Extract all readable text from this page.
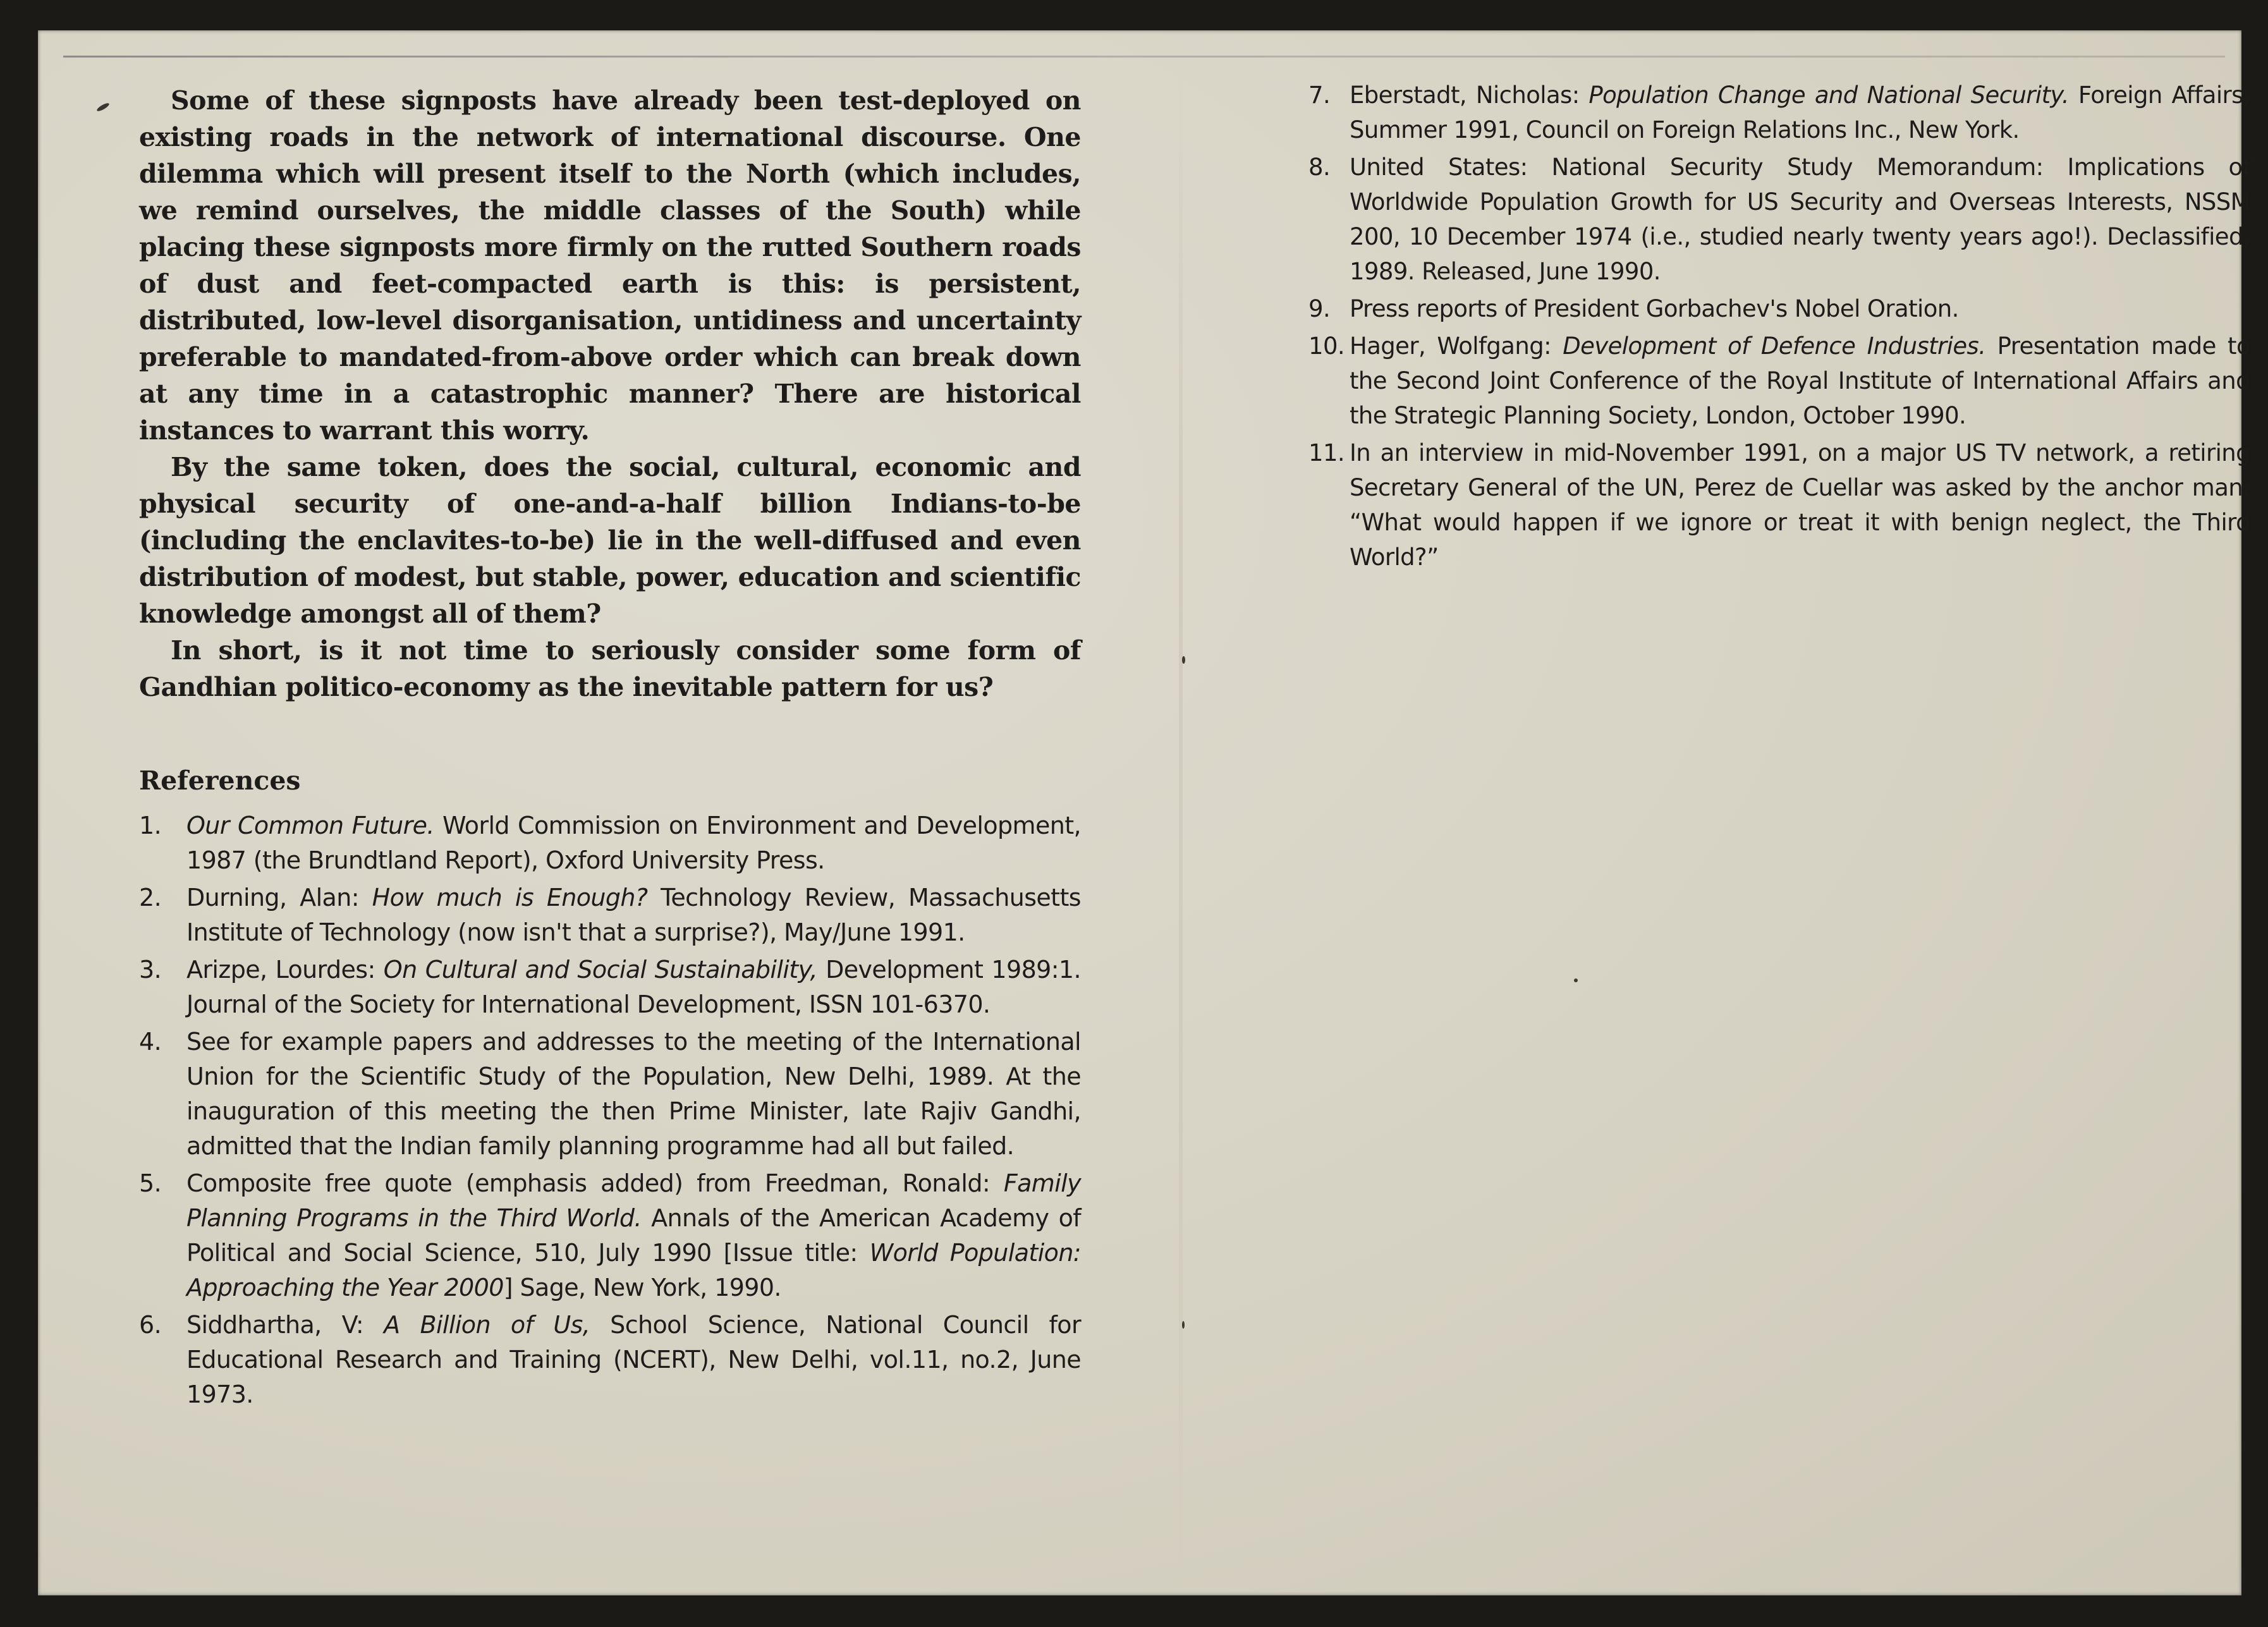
Some of these signposts have already been test-deployed on existing roads in the network of international discourse. One dilemma which will present itself to the North (which includes, we remind ourselves, the middle classes of the South) while placing these signposts more firmly on the rutted Southern roads of dust and feet-compacted earth is this: is persistent, distributed, low-level disorganisation, untidiness and uncertainty preferable to mandated-from-above order which can break down at any time in a catastrophic manner? There are historical instances to warrant this worry.

By the same token, does the social, cultural, economic and physical security of one-and-a-half billion Indians-to-be (including the enclavites-to-be) lie in the well-diffused and even distribution of modest, but stable, power, education and scientific knowledge amongst all of them?

In short, is it not time to seriously consider some form of Gandhian politico-economy as the inevitable pattern for us?

References
1. Our Common Future. World Commission on Environment and Development, 1987 (the Brundtland Report), Oxford University Press.
2. Durning, Alan: How much is Enough? Technology Review, Massachusetts Institute of Technology (now isn't that a surprise?), May/June 1991.
3. Arizpe, Lourdes: On Cultural and Social Sustainability, Development 1989:1. Journal of the Society for International Development, ISSN 101-6370.
4. See for example papers and addresses to the meeting of the International Union for the Scientific Study of the Population, New Delhi, 1989. At the inauguration of this meeting the then Prime Minister, late Rajiv Gandhi, admitted that the Indian family planning programme had all but failed.
5. Composite free quote (emphasis added) from Freedman, Ronald: Family Planning Programs in the Third World. Annals of the American Academy of Political and Social Science, 510, July 1990 [Issue title: World Population: Approaching the Year 2000] Sage, New York, 1990.
6. Siddhartha, V: A Billion of Us, School Science, National Council for Educational Research and Training (NCERT), New Delhi, vol.11, no.2, June 1973.
7. Eberstadt, Nicholas: Population Change and National Security. Foreign Affairs, Summer 1991, Council on Foreign Relations Inc., New York.
8. United States: National Security Study Memorandum: Implications of Worldwide Population Growth for US Security and Overseas Interests, NSSM 200, 10 December 1974 (i.e., studied nearly twenty years ago!). Declassified, 1989. Released, June 1990.
9. Press reports of President Gorbachev's Nobel Oration.
10. Hager, Wolfgang: Development of Defence Industries. Presentation made to the Second Joint Conference of the Royal Institute of International Affairs and the Strategic Planning Society, London, October 1990.
11. In an interview in mid-November 1991, on a major US TV network, a retiring Secretary General of the UN, Perez de Cuellar was asked by the anchor man: “What would happen if we ignore or treat it with benign neglect, the Third World?”
